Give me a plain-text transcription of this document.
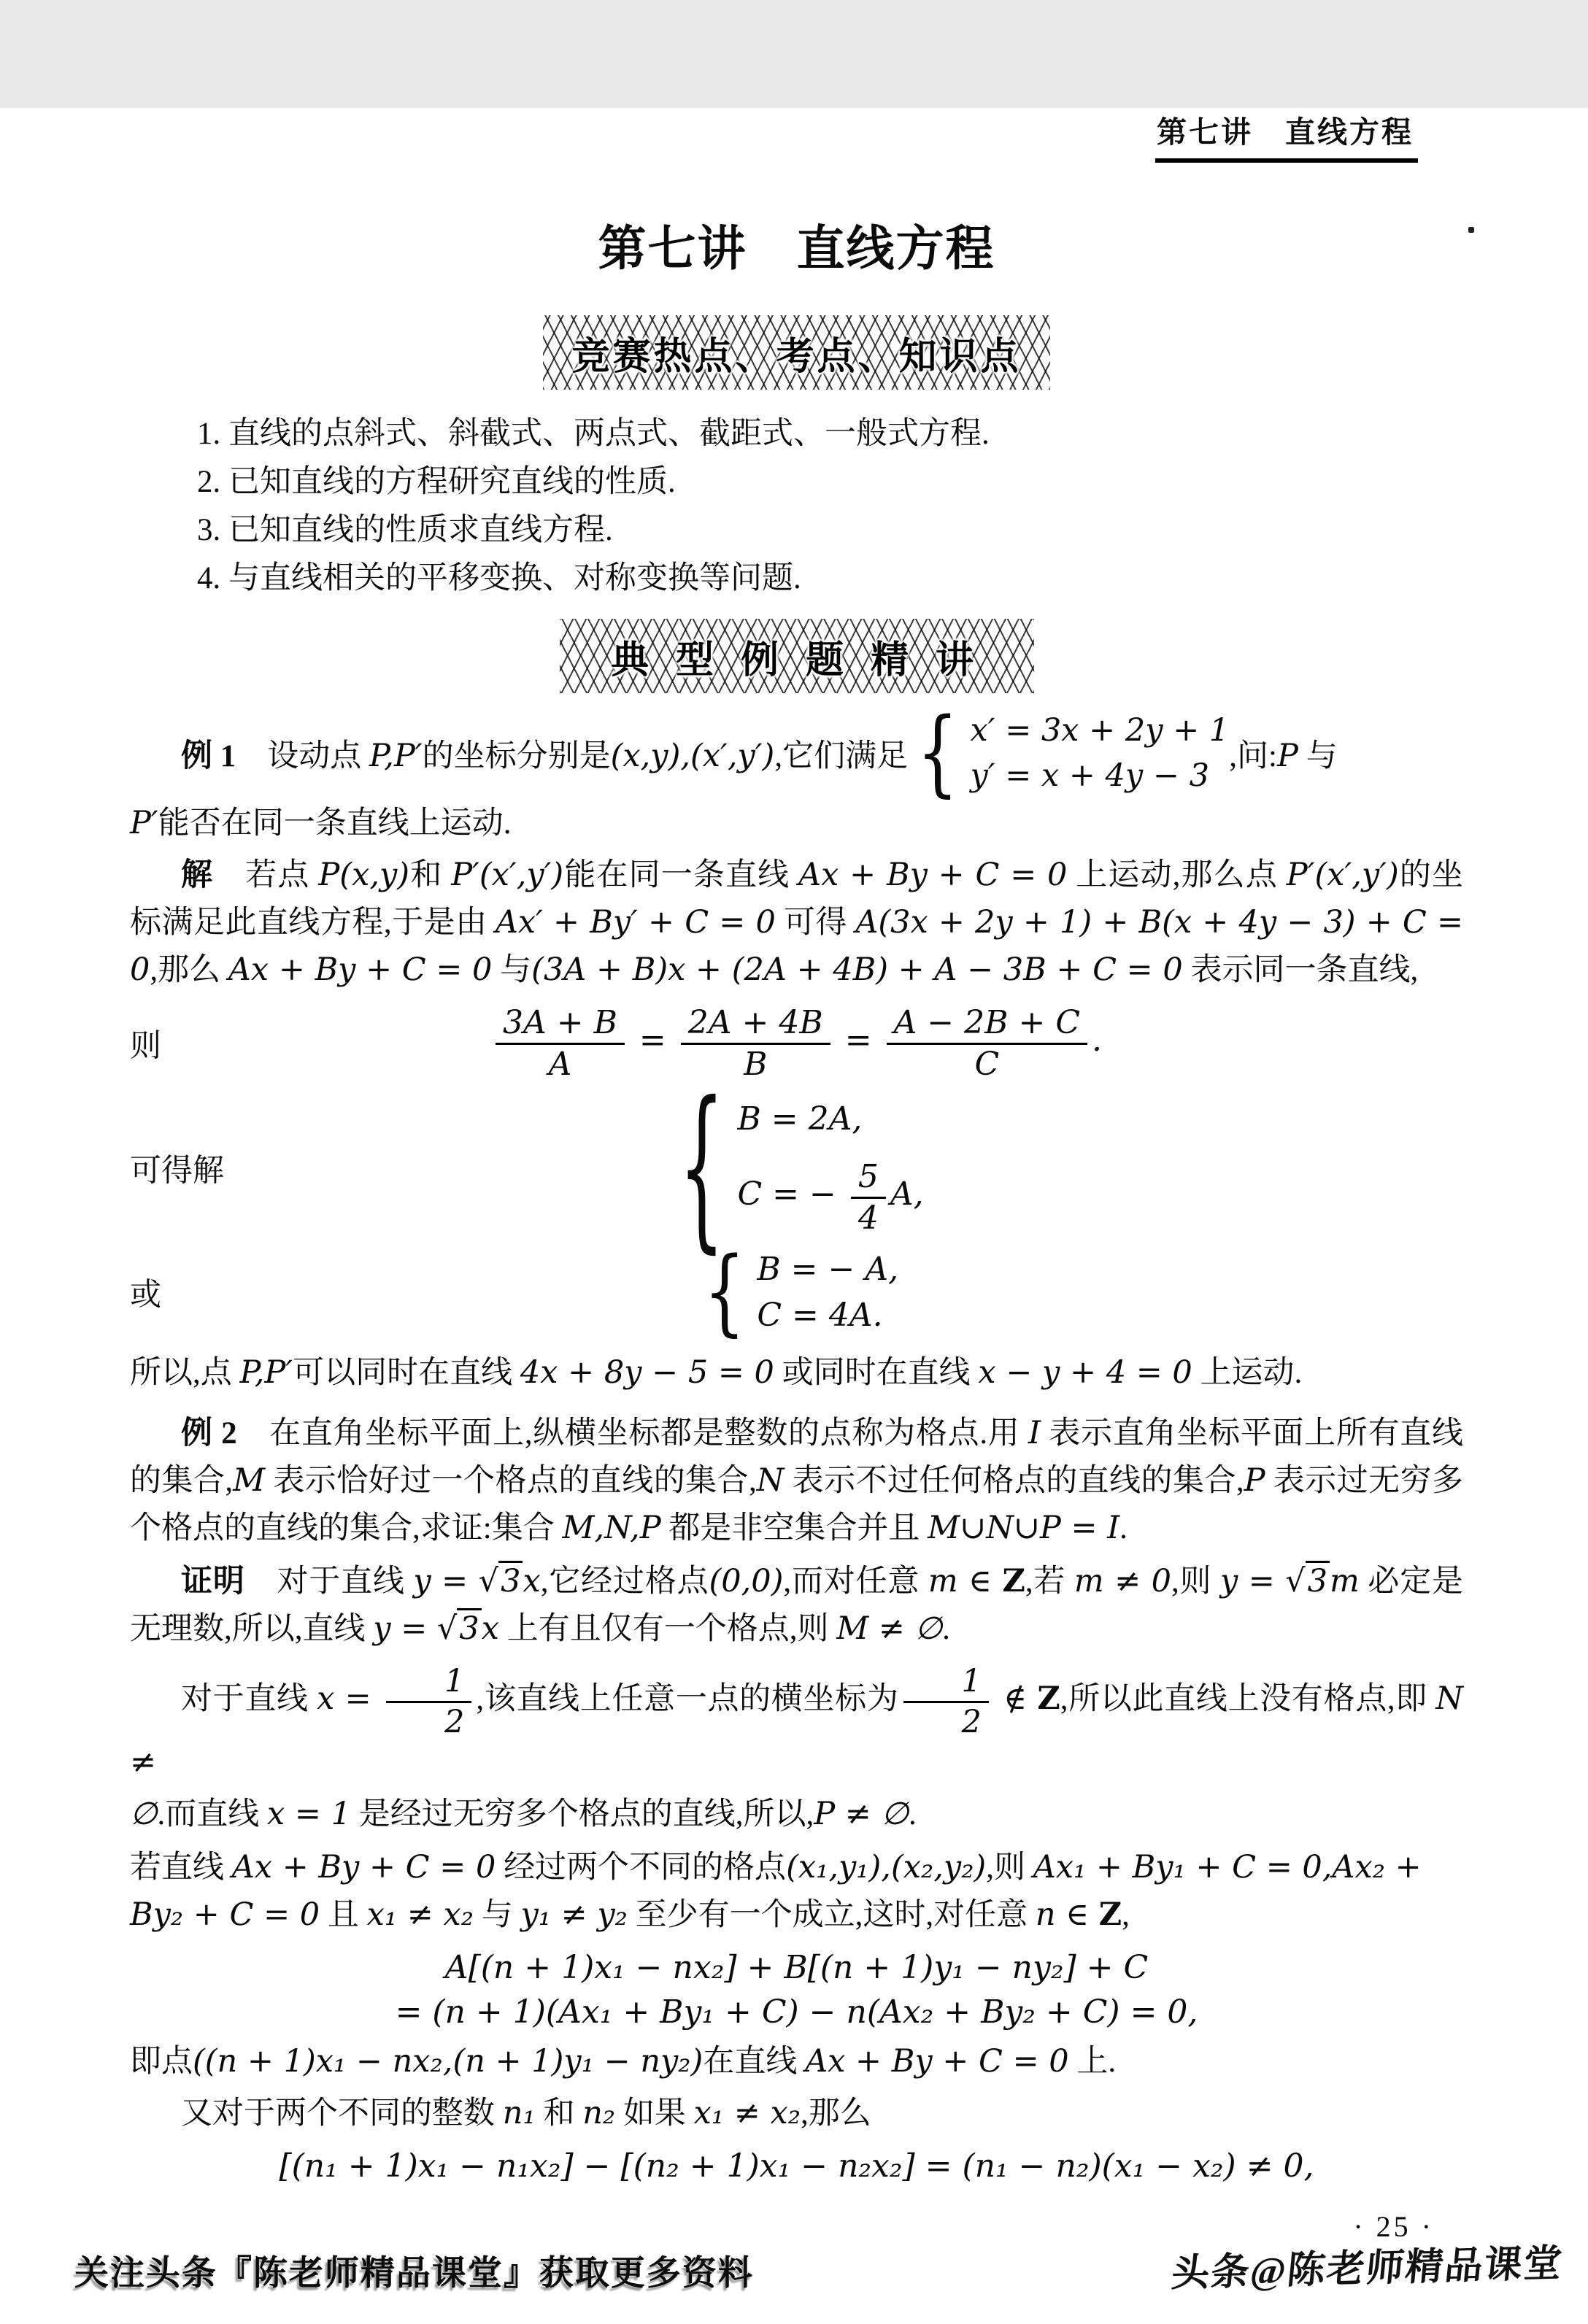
第七讲　直线方程
第七讲　直线方程
竞赛热点、考点、知识点
1. 直线的点斜式、斜截式、两点式、截距式、一般式方程.
2. 已知直线的方程研究直线的性质.
3. 已知直线的性质求直线方程.
4. 与直线相关的平移变换、对称变换等问题.
典 型 例 题 精 讲
例 1　设动点 P,P′的坐标分别是(x,y),(x′,y′),它们满足 { x′ = 3x + 2y + 1
y′ = x + 4y − 3
,问:P 与
P′能否在同一条直线上运动.
解　若点 P(x,y)和 P′(x′,y′)能在同一条直线 Ax + By + C = 0 上运动,那么点 P′(x′,y′)的坐标满足此直线方程,于是由 Ax′ + By′ + C = 0 可得 A(3x + 2y + 1) + B(x + 4y − 3) + C = 0,那么 Ax + By + C = 0 与(3A + B)x + (2A + 4B) + A − 3B + C = 0 表示同一条直线,
则	$\frac{3A + B}{A} = \frac{2A + 4B}{B} = \frac{A - 2B + C}{C}$ .
可得解	{ B = 2A,
C = − $\frac{5}{4} A$,
或	{ B = − A,
C = 4A.
所以,点 P,P′可以同时在直线 4x + 8y − 5 = 0 或同时在直线 x − y + 4 = 0 上运动.
例 2　在直角坐标平面上,纵横坐标都是整数的点称为格点.用 I 表示直角坐标平面上所有直线的集合,M 表示恰好过一个格点的直线的集合,N 表示不过任何格点的直线的集合,P 表示过无穷多个格点的直线的集合,求证:集合 M,N,P 都是非空集合并且 M∪N∪P = I.
证明　对于直线 y = √3x,它经过格点(0,0),而对任意 m ∈ Z,若 m ≠ 0,则 y = √3m 必定是无理数,所以,直线 y = √3x 上有且仅有一个格点,则 M ≠ ∅.
对于直线 $x = \frac{1}{2}$ ,该直线上任意一点的横坐标为 $\frac{1}{2}$ ∉ Z,所以此直线上没有格点,即 N ≠
∅.而直线 x = 1 是经过无穷多个格点的直线,所以,P ≠ ∅.
若直线 Ax + By + C = 0 经过两个不同的格点(x₁,y₁),(x₂,y₂),则 Ax₁ + By₁ + C = 0,Ax₂ +
By₂ + C = 0 且 x₁ ≠ x₂ 与 y₁ ≠ y₂ 至少有一个成立,这时,对任意 n ∈ Z,
A[(n + 1)x₁ − nx₂] + B[(n + 1)y₁ − ny₂] + C
= (n + 1)(Ax₁ + By₁ + C) − n(Ax₂ + By₂ + C) = 0,
即点((n + 1)x₁ − nx₂,(n + 1)y₁ − ny₂)在直线 Ax + By + C = 0 上.
又对于两个不同的整数 n₁ 和 n₂ 如果 x₁ ≠ x₂,那么
[(n₁ + 1)x₁ − n₁x₂] − [(n₂ + 1)x₁ − n₂x₂] = (n₁ − n₂)(x₁ − x₂) ≠ 0,
· 25 ·
关注头条『陈老师精品课堂』获取更多资料	头条@陈老师精品课堂
